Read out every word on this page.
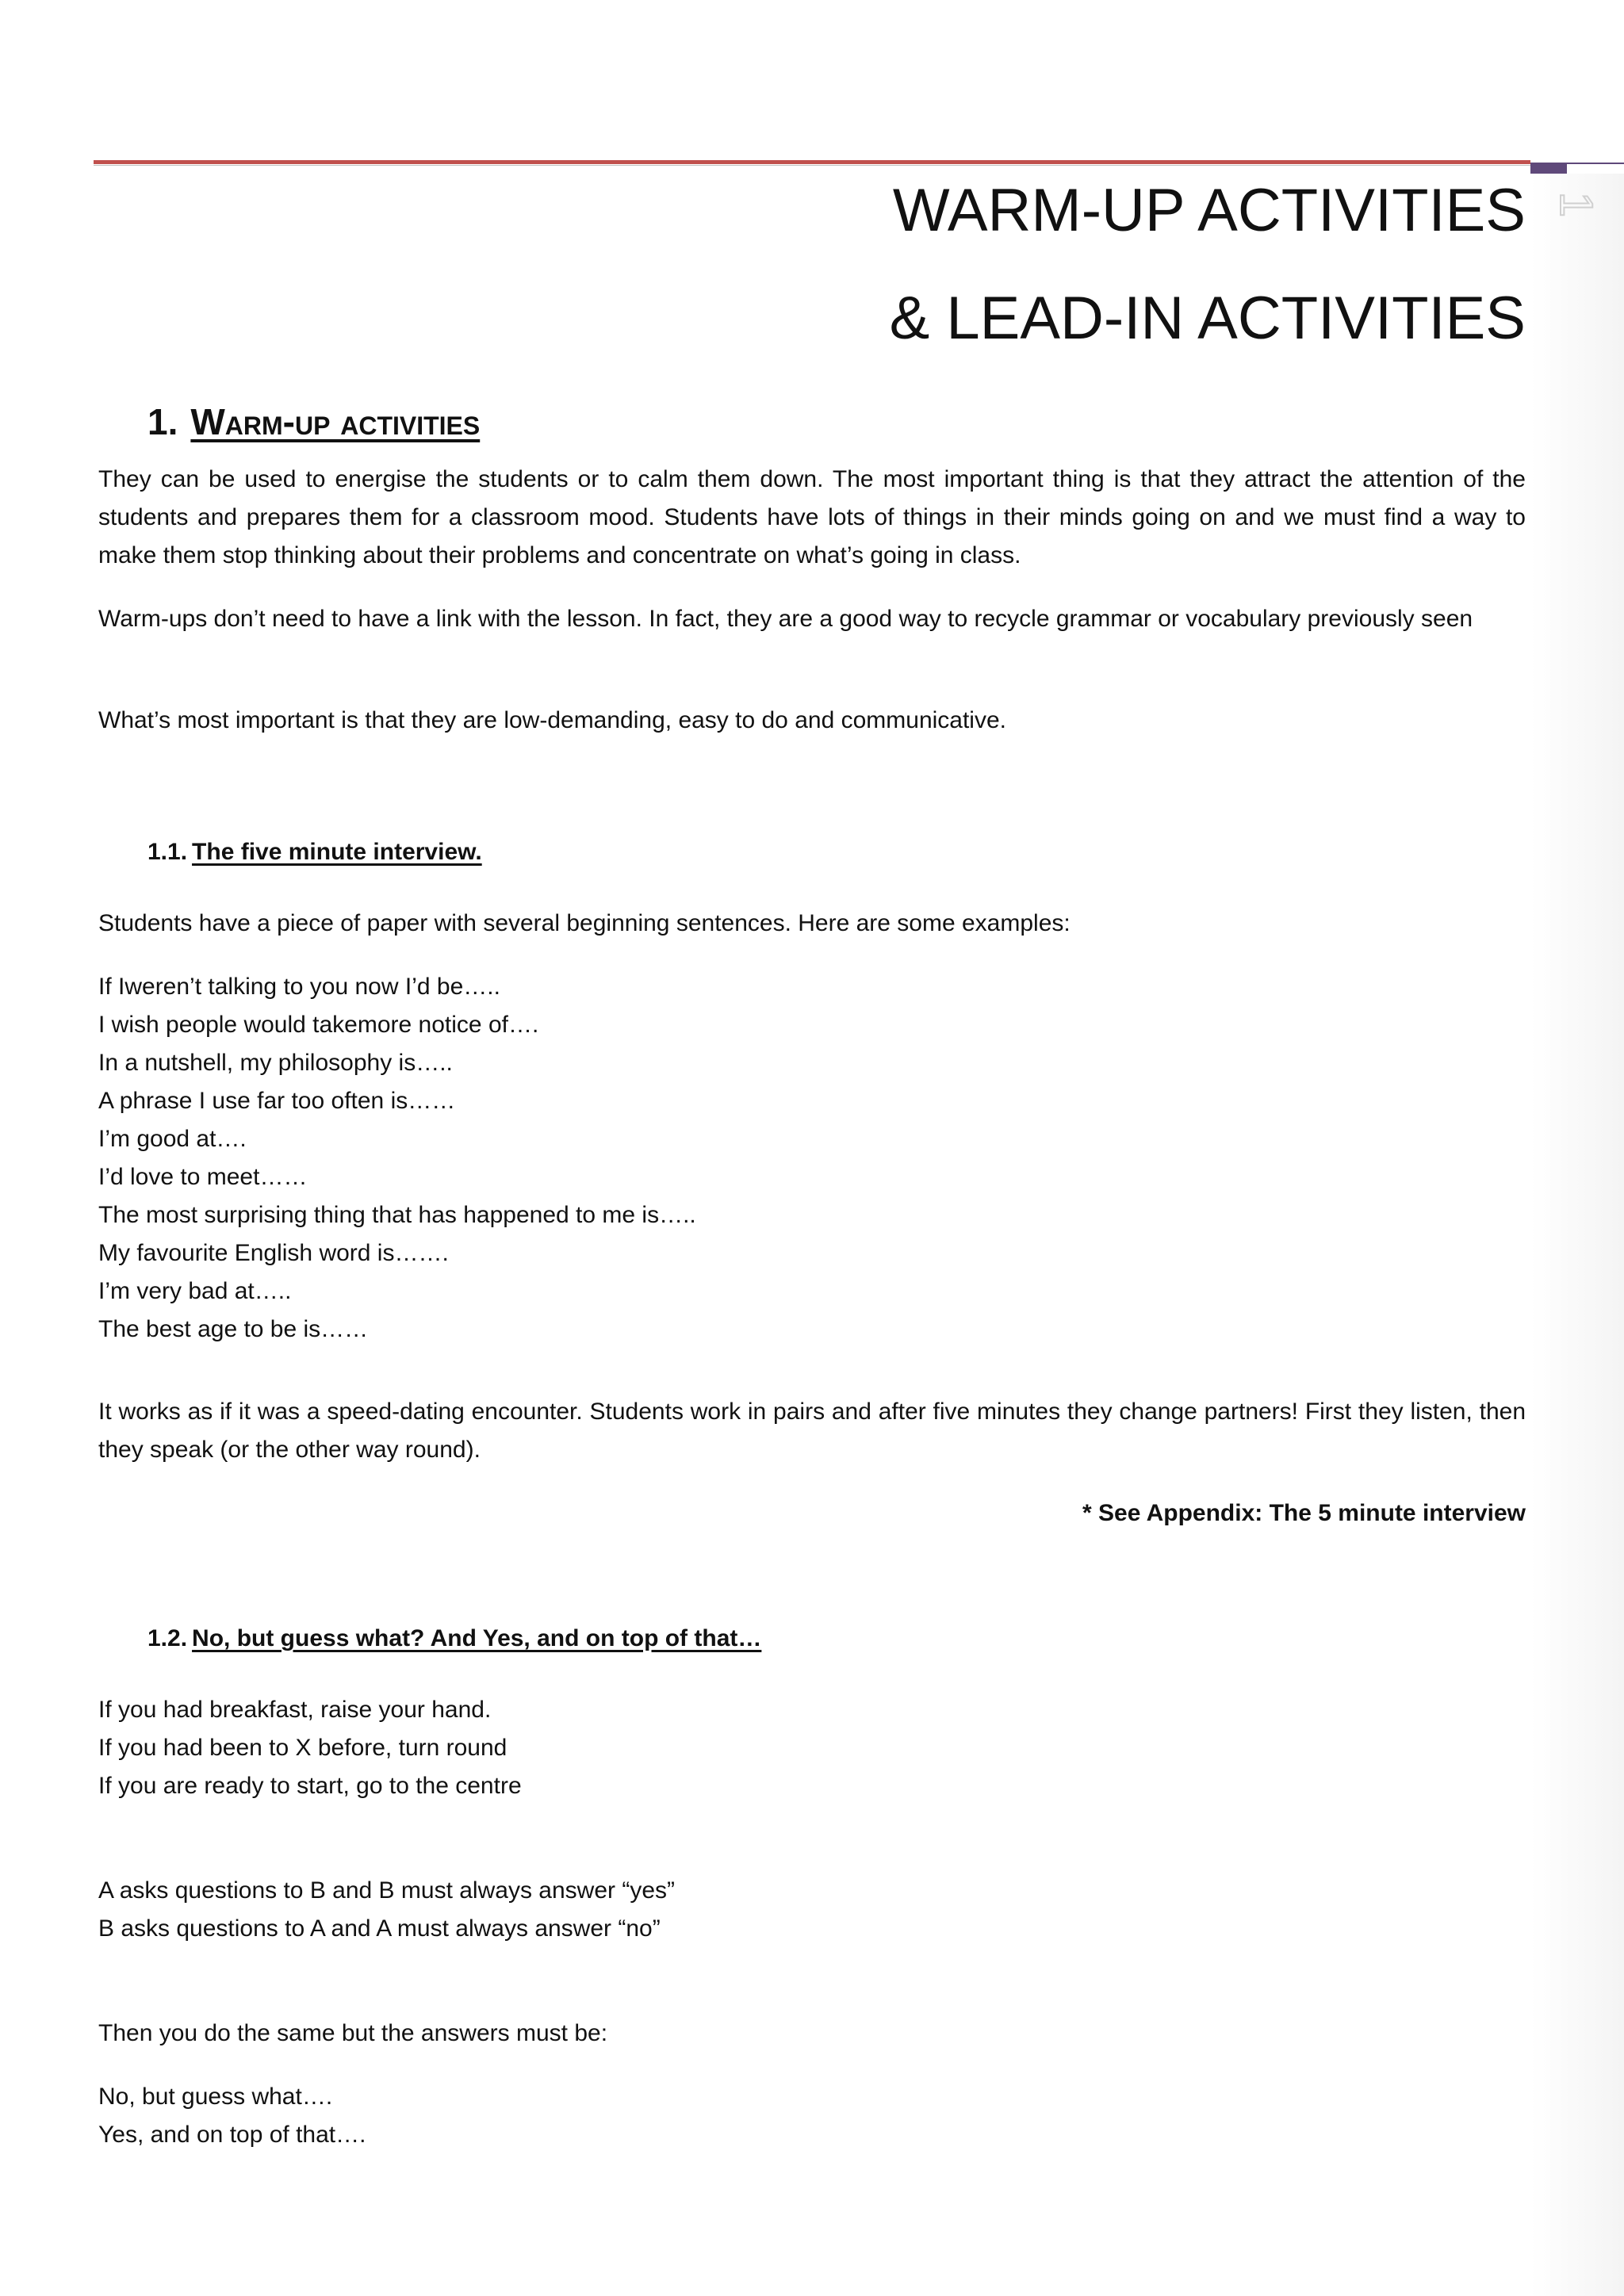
1
WARM-UP ACTIVITIES
& LEAD-IN ACTIVITIES
1. Warm-up activities
They can be used to energise the students or to calm them down. The most important thing is that they attract the attention of the students and prepares them for a classroom mood. Students have lots of things in their minds going on and we must find a way to make them stop thinking about their problems and concentrate on what’s going in class.
Warm-ups don’t need to have a link with the lesson. In fact, they are a good way to recycle grammar or vocabulary previously seen
What’s most important is that they are low-demanding, easy to do and communicative.
1.1. The five minute interview.
Students have a piece of paper with several beginning sentences. Here are some examples:
If Iweren’t talking to you now I’d be…..
I wish people would takemore notice of….
In a nutshell, my philosophy is…..
A phrase I use far too often is……
I’m good at….
I’d love to meet……
The most surprising thing that has happened to me is…..
My favourite English word is…….
I’m very bad at…..
The best age to be is……
It works as if it was a speed-dating encounter. Students work in pairs and after five minutes they change partners! First they listen, then they speak (or the other way round).
* See Appendix: The 5 minute interview
1.2. No, but guess what? And Yes, and on top of that…
If you had breakfast, raise your hand.
If you had been to X before, turn round
If you are ready to start, go to the centre
A asks questions to B and B must always answer “yes”
B asks questions to A and A must always answer “no”
Then you do the same but the answers must be:
No, but guess what….
Yes, and on top of that….
